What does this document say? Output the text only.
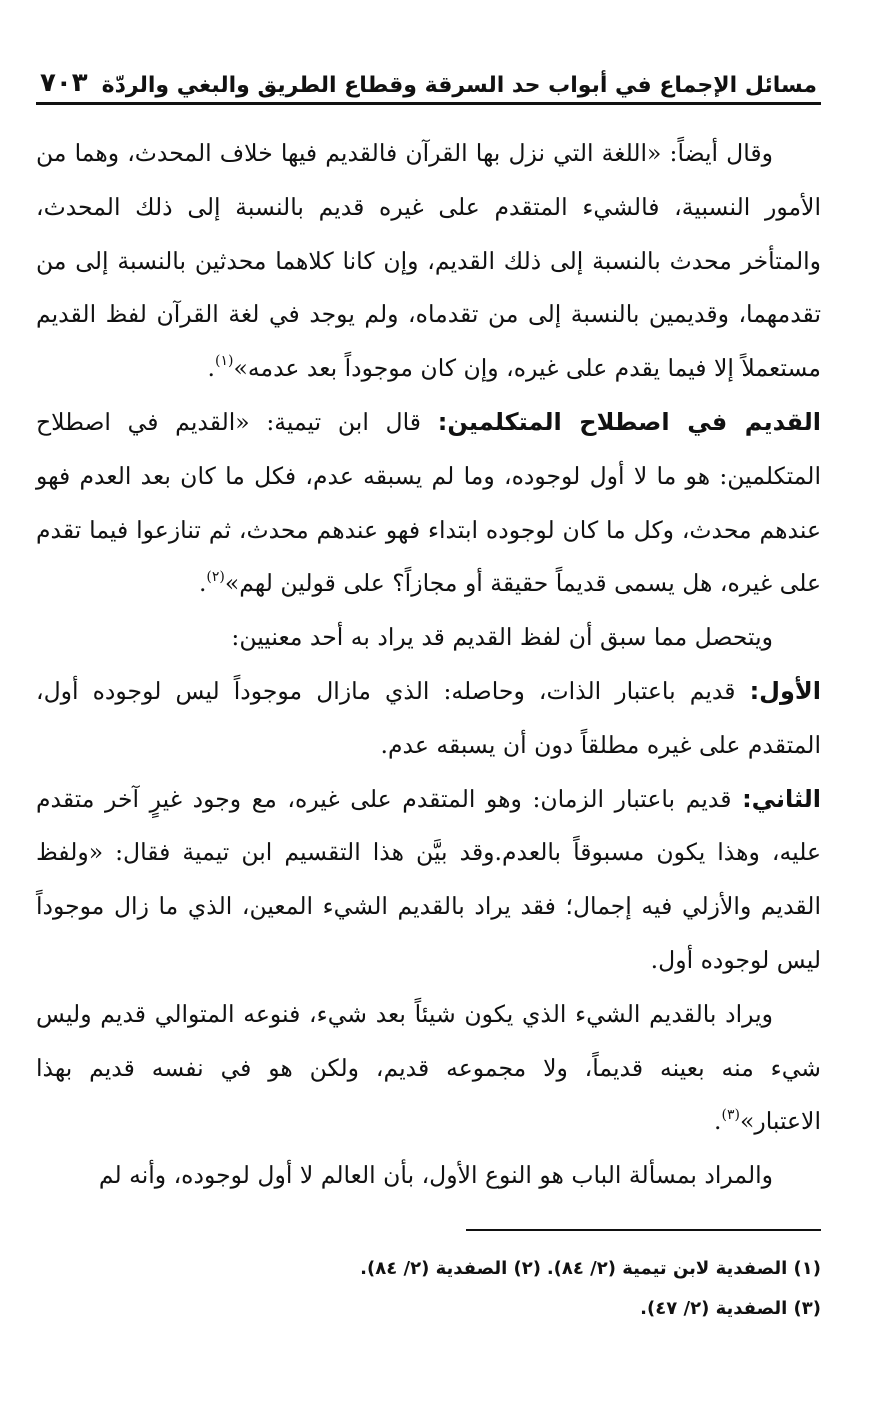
مسائل الإجماع في أبواب حد السرقة وقطاع الطريق والبغي والردّة
٧٠٣

وقال أيضاً: «اللغة التي نزل بها القرآن فالقديم فيها خلاف المحدث، وهما من الأمور النسبية، فالشيء المتقدم على غيره قديم بالنسبة إلى ذلك المحدث، والمتأخر محدث بالنسبة إلى ذلك القديم، وإن كانا كلاهما محدثين بالنسبة إلى من تقدمهما، وقديمين بالنسبة إلى من تقدماه، ولم يوجد في لغة القرآن لفظ القديم مستعملاً إلا فيما يقدم على غيره، وإن كان موجوداً بعد عدمه»$^{(١)}$.

القديم في اصطلاح المتكلمين: قال ابن تيمية: «القديم في اصطلاح المتكلمين: هو ما لا أول لوجوده، وما لم يسبقه عدم، فكل ما كان بعد العدم فهو عندهم محدث، وكل ما كان لوجوده ابتداء فهو عندهم محدث، ثم تنازعوا فيما تقدم على غيره، هل يسمى قديماً حقيقة أو مجازاً؟ على قولين لهم»$^{(٢)}$.

ويتحصل مما سبق أن لفظ القديم قد يراد به أحد معنيين:

الأول: قديم باعتبار الذات، وحاصله: الذي مازال موجوداً ليس لوجوده أول، المتقدم على غيره مطلقاً دون أن يسبقه عدم.

الثاني: قديم باعتبار الزمان: وهو المتقدم على غيره، مع وجود غيرٍ آخر متقدم عليه، وهذا يكون مسبوقاً بالعدم.وقد بيَّن هذا التقسيم ابن تيمية فقال: «ولفظ القديم والأزلي فيه إجمال؛ فقد يراد بالقديم الشيء المعين، الذي ما زال موجوداً ليس لوجوده أول.

ويراد بالقديم الشيء الذي يكون شيئاً بعد شيء، فنوعه المتوالي قديم وليس شيء منه بعينه قديماً، ولا مجموعه قديم، ولكن هو في نفسه قديم بهذا الاعتبار»$^{(٣)}$.

والمراد بمسألة الباب هو النوع الأول، بأن العالم لا أول لوجوده، وأنه لم

(١) الصفدية لابن تيمية (٢/ ٨٤).
(٢) الصفدية (٢/ ٨٤).
(٣) الصفدية (٢/ ٤٧).
